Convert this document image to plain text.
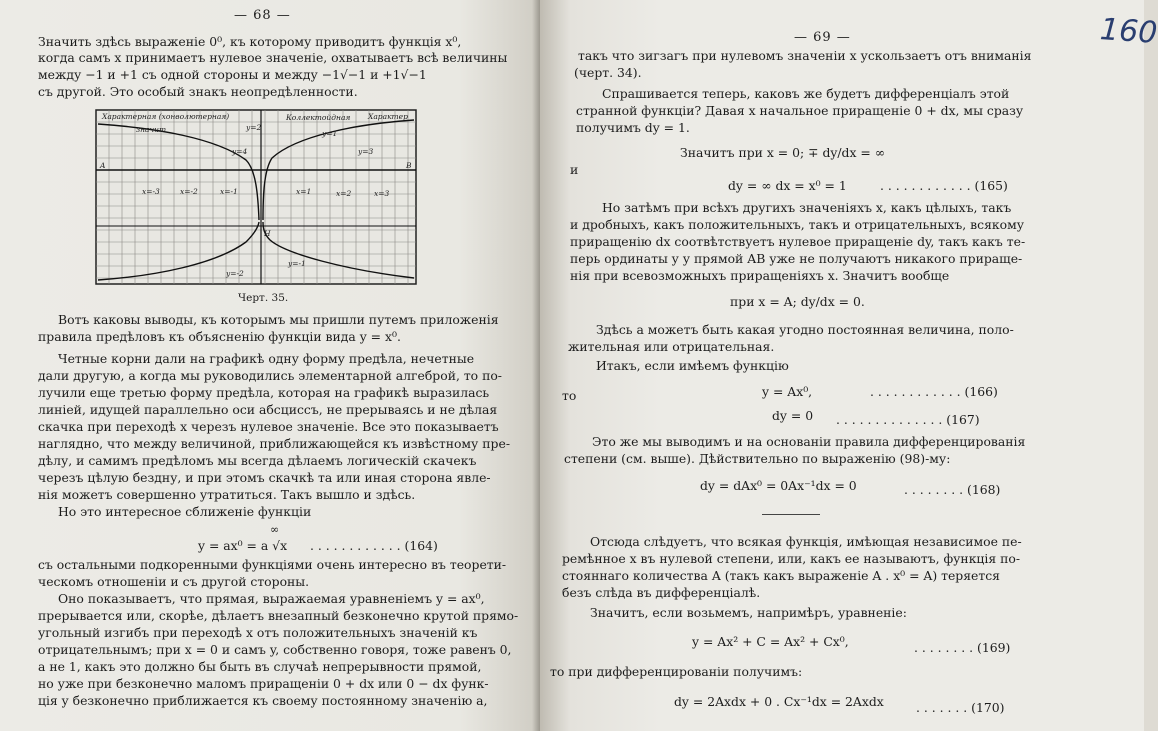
— 68 —
Значить здѣсь выраженіе 0⁰, къ которому приводитъ функція x⁰,
когда самъ x принимаетъ нулевое значеніе, охватываетъ всѣ величины
между −1 и +1 съ одной стороны и между −1√−1 и +1√−1
съ другой. Это особый знакъ неопредѣленности.
Характерная (хонволютерная)	Коллектойдная Характер
значит
y=4
y=2
y=3
y=1
y=-2
y=-1
x=-3	x=-2	x=-1	x=1	x=2	x=3
A	B
H
Черт. 35.
Вотъ каковы выводы, къ которымъ мы пришли путемъ приложенія
правила предѣловъ къ объясненію функціи вида y = x⁰.
Четные корни дали на графикѣ одну форму предѣла, нечетные
дали другую, а когда мы руководились элементарной алгеброй, то по-
лучили еще третью форму предѣла, которая на графикѣ выразилась
линіей, идущей параллельно оси абсциссъ, не прерываясь и не дѣлая
скачка при переходѣ x черезъ нулевое значеніе. Все это показываетъ
наглядно, что между величиной, приближающейся къ извѣстному пре-
дѣлу, и самимъ предѣломъ мы всегда дѣлаемъ логическій скачекъ
черезъ цѣлую бездну, и при этомъ скачкѣ та или иная сторона явле-
нія можетъ совершенно утратиться. Такъ вышло и здѣсь.
Но это интересное сближеніе функціи
∞
y = ax⁰ = a √x . . . . . . . . . . . . (164)
съ остальными подкоренными функціями очень интересно въ теорети-
ческомъ отношеніи и съ другой стороны.
Оно показываетъ, что прямая, выражаемая уравненіемъ y = ax⁰,
прерывается или, скорѣе, дѣлаетъ внезапный безконечно крутой прямо-
угольный изгибъ при переходѣ x отъ положительныхъ значеній къ
отрицательнымъ; при x = 0 и самъ y, собственно говоря, тоже равенъ 0,
а не 1, какъ это должно бы быть въ случаѣ непрерывности прямой,
но уже при безконечно маломъ приращеніи 0 + dx или 0 − dx функ-
ція y безконечно приближается къ своему постоянному значенію a,
— 69 —	160
такъ что зигзагъ при нулевомъ значеніи x ускользаетъ отъ вниманія
(черт. 34).
Спрашивается теперь, каковъ же будетъ дифференціалъ этой
странной функціи? Давая x начальное приращеніе 0 + dx, мы сразу
получимъ dy = 1.
Значитъ при x = 0; ∓ dy/dx = ∞
и
dy = ∞ dx = x⁰ = 1	. . . . . . . . . . . . (165)
Но затѣмъ при всѣхъ другихъ значеніяхъ x, какъ цѣлыхъ, такъ
и дробныхъ, какъ положительныхъ, такъ и отрицательныхъ, всякому
приращенію dx соотвѣтствуетъ нулевое приращеніе dy, такъ какъ те-
перь ординаты y у прямой AB уже не получаютъ никакого прираще-
нія при всевозможныхъ приращеніяхъ x. Значитъ вообще
при x = A; dy/dx = 0.
Здѣсь a можетъ быть какая угодно постоянная величина, поло-
жительная или отрицательная.
Итакъ, если имѣемъ функцію
y = Ax⁰,	. . . . . . . . . . . . (166)
то
dy = 0 . . . . . . . . . . . . . . (167)
Это же мы выводимъ и на основаніи правила дифференцированія
степени (см. выше). Дѣйствительно по выраженію (98)-му:
dy = dAx⁰ = 0Ax⁻¹dx = 0	. . . . . . . . (168)
Отсюда слѣдуетъ, что всякая функція, имѣющая независимое пе-
ремѣнное x въ нулевой степени, или, какъ ее называютъ, функція по-
стояннаго количества A (такъ какъ выраженіе A . x⁰ = A) теряется
безъ слѣда въ дифференціалѣ.
Значитъ, если возьмемъ, напримѣръ, уравненіе:
y = Ax² + C = Ax² + Cx⁰,	. . . . . . . . (169)
то при дифференцированіи получимъ:
dy = 2Axdx + 0 . Cx⁻¹dx = 2Axdx	. . . . . . . (170)
